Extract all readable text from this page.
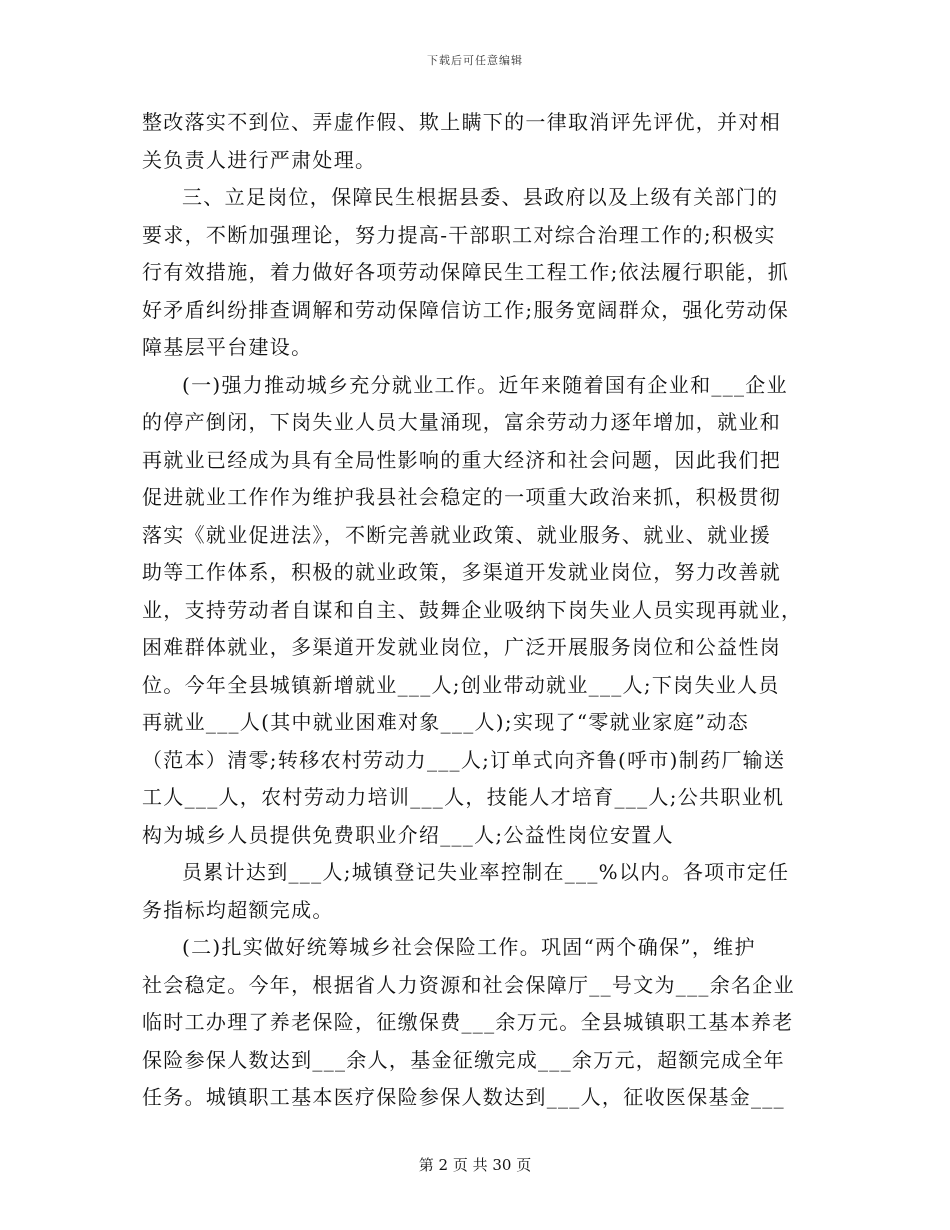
下载后可任意编辑
整改落实不到位、弄虚作假、欺上瞒下的一律取消评先评优，并对相
关负责人进行严肃处理。
三、立足岗位，保障民生根据县委、县政府以及上级有关部门的
要求，不断加强理论，努力提高-干部职工对综合治理工作的;积极实
行有效措施，着力做好各项劳动保障民生工程工作;依法履行职能，抓
好矛盾纠纷排查调解和劳动保障信访工作;服务宽阔群众，强化劳动保
障基层平台建设。
(一)强力推动城乡充分就业工作。近年来随着国有企业和___企业
的停产倒闭，下岗失业人员大量涌现，富余劳动力逐年增加，就业和
再就业已经成为具有全局性影响的重大经济和社会问题，因此我们把
促进就业工作作为维护我县社会稳定的一项重大政治来抓，积极贯彻
落实《就业促进法》，不断完善就业政策、就业服务、就业、就业援
助等工作体系，积极的就业政策，多渠道开发就业岗位，努力改善就
业，支持劳动者自谋和自主、鼓舞企业吸纳下岗失业人员实现再就业，
困难群体就业，多渠道开发就业岗位，广泛开展服务岗位和公益性岗
位。今年全县城镇新增就业___人;创业带动就业___人;下岗失业人员
再就业___人(其中就业困难对象___人);实现了“零就业家庭”动态
（范本）清零;转移农村劳动力___人;订单式向齐鲁(呼市)制药厂输送
工人___人，农村劳动力培训___人，技能人才培育___人;公共职业机
构为城乡人员提供免费职业介绍___人;公益性岗位安置人
员累计达到___人;城镇登记失业率控制在___%以内。各项市定任
务指标均超额完成。
(二)扎实做好统筹城乡社会保险工作。巩固“两个确保”，维护
社会稳定。今年，根据省人力资源和社会保障厅__号文为___余名企业
临时工办理了养老保险，征缴保费___余万元。全县城镇职工基本养老
保险参保人数达到___余人，基金征缴完成___余万元，超额完成全年
任务。城镇职工基本医疗保险参保人数达到___人，征收医保基金___
第 2 页 共 30 页
